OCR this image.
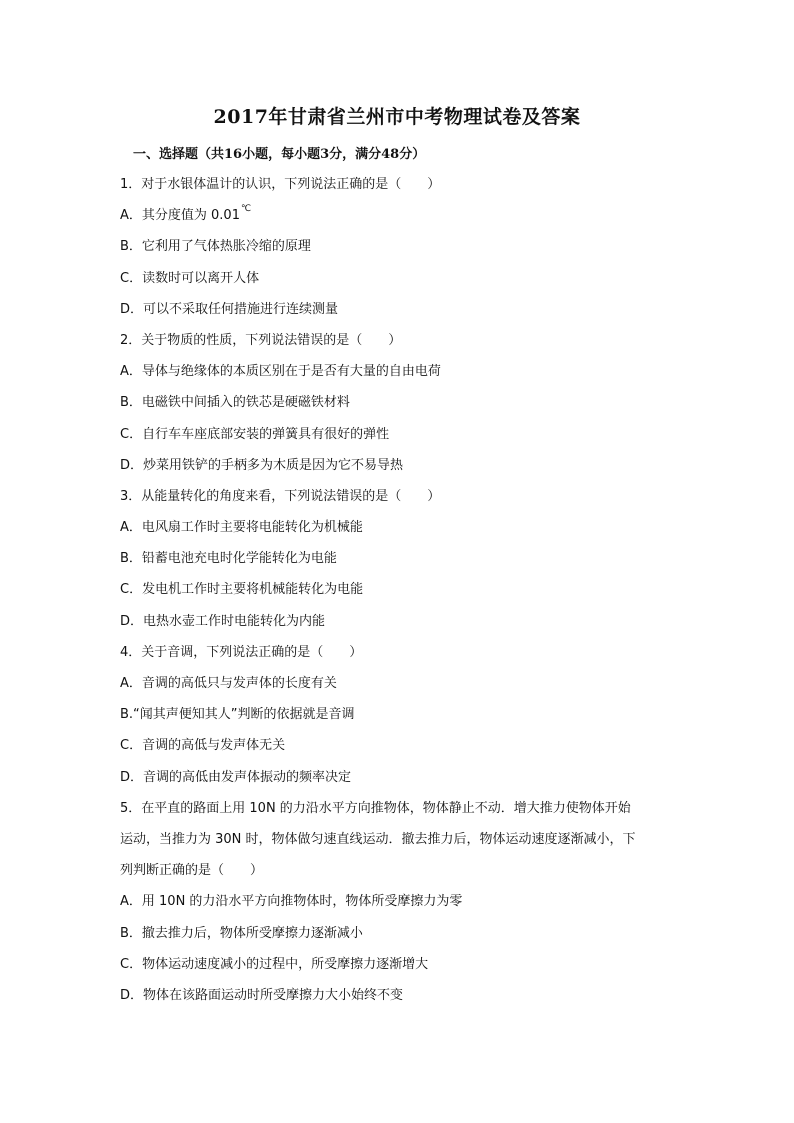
2017年甘肃省兰州市中考物理试卷及答案
一、选择题（共16小题，每小题3分，满分48分）
1．对于水银体温计的认识，下列说法正确的是（　　）
A．其分度值为 0.01℃
B．它利用了气体热胀冷缩的原理
C．读数时可以离开人体
D．可以不采取任何措施进行连续测量
2．关于物质的性质，下列说法错误的是（　　）
A．导体与绝缘体的本质区别在于是否有大量的自由电荷
B．电磁铁中间插入的铁芯是硬磁铁材料
C．自行车车座底部安装的弹簧具有很好的弹性
D．炒菜用铁铲的手柄多为木质是因为它不易导热
3．从能量转化的角度来看，下列说法错误的是（　　）
A．电风扇工作时主要将电能转化为机械能
B．铅蓄电池充电时化学能转化为电能
C．发电机工作时主要将机械能转化为电能
D．电热水壶工作时电能转化为内能
4．关于音调，下列说法正确的是（　　）
A．音调的高低只与发声体的长度有关
B.“闻其声便知其人”判断的依据就是音调
C．音调的高低与发声体无关
D．音调的高低由发声体振动的频率决定
5．在平直的路面上用 10N 的力沿水平方向推物体，物体静止不动．增大推力使物体开始
运动，当推力为 30N 时，物体做匀速直线运动．撤去推力后，物体运动速度逐渐减小，下
列判断正确的是（　　）
A．用 10N 的力沿水平方向推物体时，物体所受摩擦力为零
B．撤去推力后，物体所受摩擦力逐渐减小
C．物体运动速度减小的过程中，所受摩擦力逐渐增大
D．物体在该路面运动时所受摩擦力大小始终不变
